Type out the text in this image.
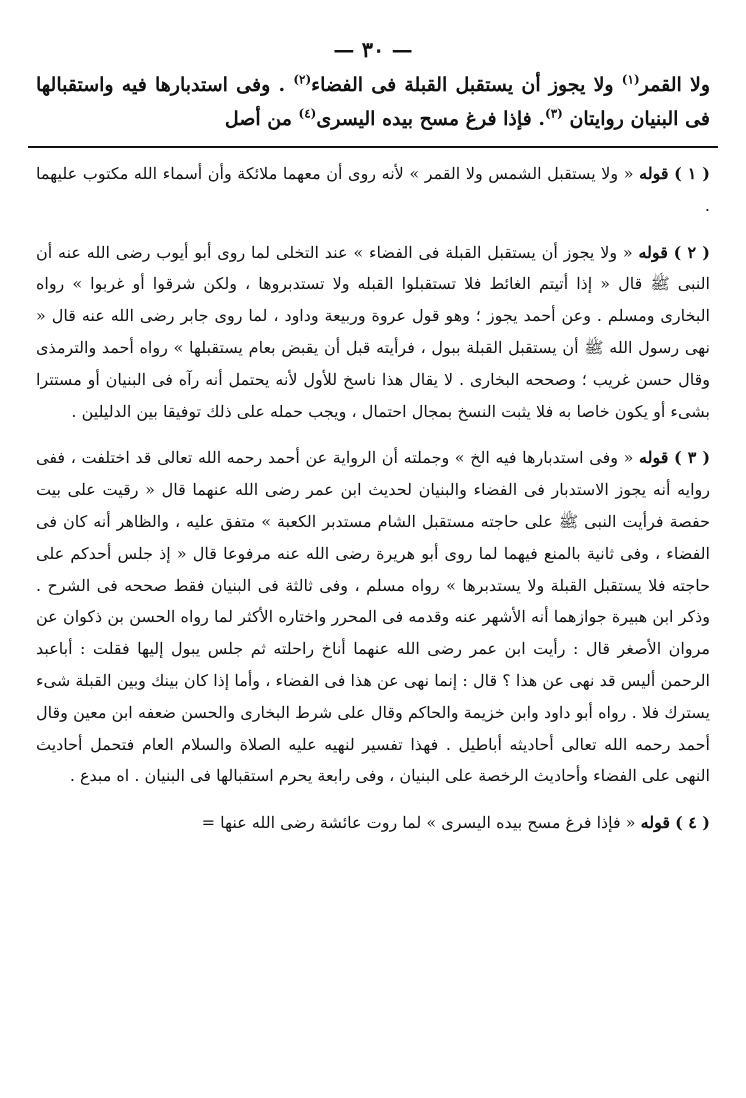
— ٣٠ —
ولا القمر$^{(١)}$ ولا يجوز أن يستقبل القبلة فى الفضاء$^{(٢)}$ . وفى استدبارها فيه واستقبالها فى البنيان روايتان $^{(٣)}$. فإذا فرغ مسح بيده اليسرى$^{(٤)}$ من أصل

( ١ ) قوله « ولا يستقبل الشمس ولا القمر » لأنه روى أن معهما ملائكة وأن أسماء الله مكتوب عليهما .

( ٢ ) قوله « ولا يجوز أن يستقبل القبلة فى الفضاء » عند التخلى لما روى أبو أيوب رضى الله عنه أن النبى ﷺ قال « إذا أتيتم الغائط فلا تستقبلوا القبله ولا تستدبروها ، ولكن شرقوا أو غربوا » رواه البخارى ومسلم . وعن أحمد يجوز ؛ وهو قول عروة وربيعة وداود ، لما روى جابر رضى الله عنه قال « نهى رسول الله ﷺ أن يستقبل القبلة ببول ، فرأيته قبل أن يقبض بعام يستقبلها » رواه أحمد والترمذى وقال حسن غريب ؛ وصححه البخارى . لا يقال هذا ناسخ للأول لأنه يحتمل أنه رآه فى البنيان أو مستترا بشىء أو يكون خاصا به فلا يثبت النسخ بمجال احتمال ، ويجب حمله على ذلك توفيقا بين الدليلين .

( ٣ ) قوله « وفى استدبارها فيه الخ » وجملته أن الرواية عن أحمد رحمه الله تعالى قد اختلفت ، ففى روايه أنه يجوز الاستدبار فى الفضاء والبنيان لحديث ابن عمر رضى الله عنهما قال « رقيت على بيت حفصة فرأيت النبى ﷺ على حاجته مستقبل الشام مستدبر الكعبة » متفق عليه ، والظاهر أنه كان فى الفضاء ، وفى ثانية بالمنع فيهما لما روى أبو هريرة رضى الله عنه مرفوعا قال « إذ جلس أحدكم على حاجته فلا يستقبل القبلة ولا يستدبرها » رواه مسلم ، وفى ثالثة فى البنيان فقط صححه فى الشرح . وذكر ابن هبيرة جوازهما أنه الأشهر عنه وقدمه فى المحرر واختاره الأكثر لما رواه الحسن بن ذكوان عن مروان الأصغر قال : رأيت ابن عمر رضى الله عنهما أناخ راحلته ثم جلس يبول إليها فقلت : أباعبد الرحمن أليس قد نهى عن هذا ؟ قال : إنما نهى عن هذا فى الفضاء ، وأما إذا كان بينك وبين القبلة شىء يسترك فلا . رواه أبو داود وابن خزيمة والحاكم وقال على شرط البخارى والحسن ضعفه ابن معين وقال أحمد رحمه الله تعالى أحاديثه أباطيل . فهذا تفسير لنهيه عليه الصلاة والسلام العام فتحمل أحاديث النهى على الفضاء وأحاديث الرخصة على البنيان ، وفى رابعة يحرم استقبالها فى البنيان . اه مبدع .

( ٤ ) قوله « فإذا فرغ مسح بيده اليسرى » لما روت عائشة رضى الله عنها =
